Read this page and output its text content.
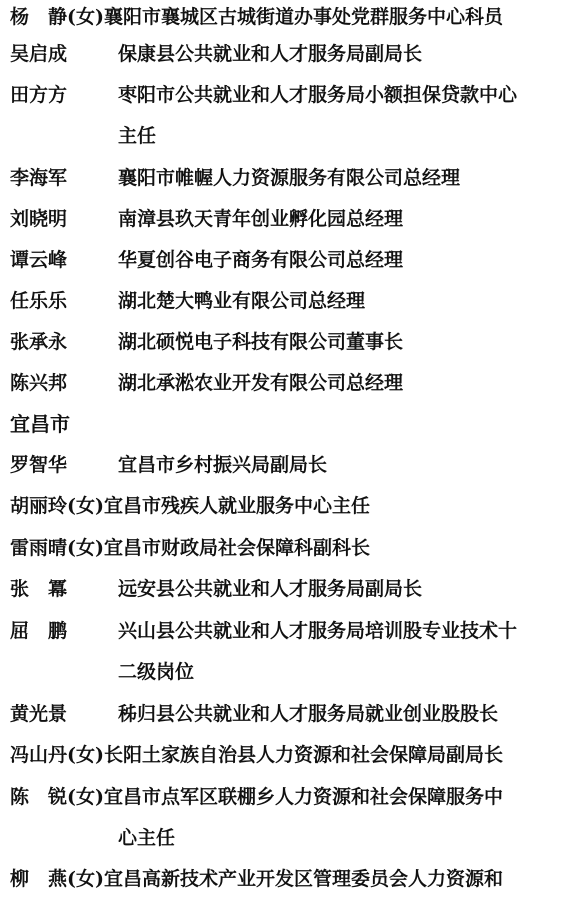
杨　静(女) 襄阳市襄城区古城街道办事处党群服务中心科员
吴启成	保康县公共就业和人才服务局副局长
田方方	枣阳市公共就业和人才服务局小额担保贷款中心
主任
李海军	襄阳市帷幄人力资源服务有限公司总经理
刘晓明	南漳县玖天青年创业孵化园总经理
谭云峰	华夏创谷电子商务有限公司总经理
任乐乐	湖北楚大鸭业有限公司总经理
张承永	湖北硕悦电子科技有限公司董事长
陈兴邦	湖北承淞农业开发有限公司总经理
宜昌市
罗智华	宜昌市乡村振兴局副局长
胡丽玲(女) 宜昌市残疾人就业服务中心主任
雷雨晴(女) 宜昌市财政局社会保障科副科长
张　冪	远安县公共就业和人才服务局副局长
屈　鹏	兴山县公共就业和人才服务局培训股专业技术十
二级岗位
黄光景	秭归县公共就业和人才服务局就业创业股股长
冯山丹(女) 长阳土家族自治县人力资源和社会保障局副局长
陈　锐(女) 宜昌市点军区联棚乡人力资源和社会保障服务中
心主任
柳　燕(女) 宜昌高新技术产业开发区管理委员会人力资源和
